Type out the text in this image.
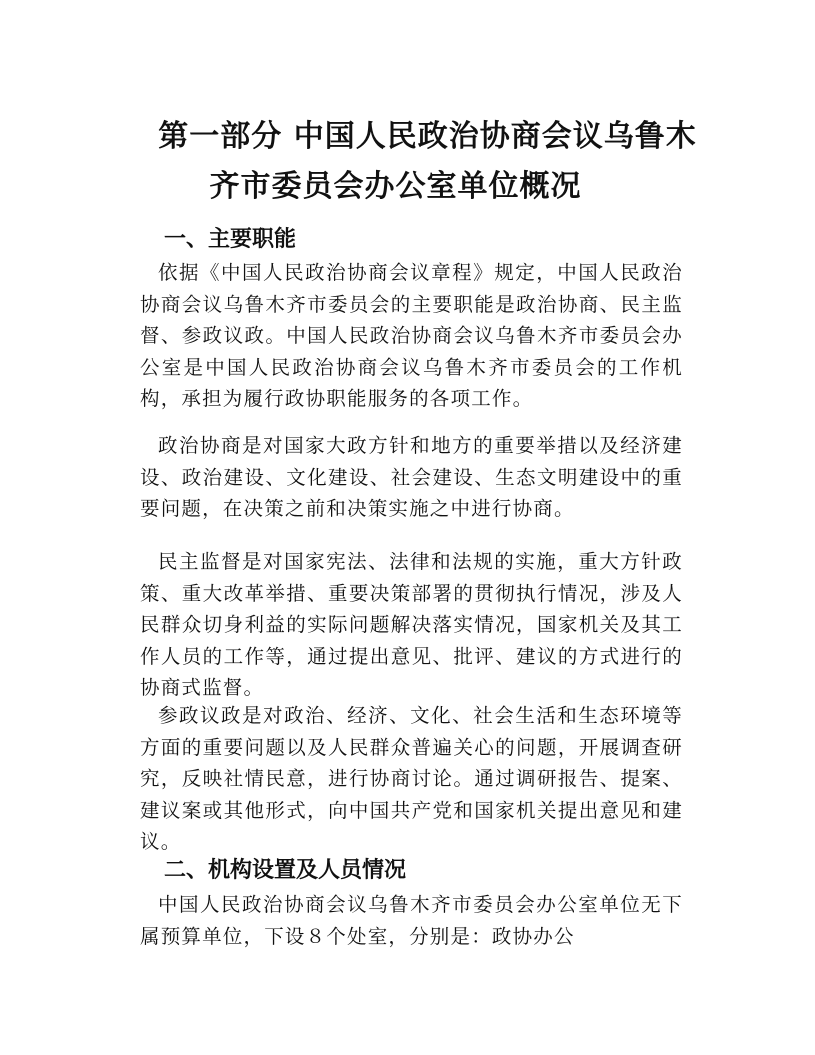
第一部分 中国人民政治协商会议乌鲁木
齐市委员会办公室单位概况
一、主要职能

依据《中国人民政治协商会议章程》规定，中国人民政治协商会议乌鲁木齐市委员会的主要职能是政治协商、民主监督、参政议政。中国人民政治协商会议乌鲁木齐市委员会办公室是中国人民政治协商会议乌鲁木齐市委员会的工作机构，承担为履行政协职能服务的各项工作。

政治协商是对国家大政方针和地方的重要举措以及经济建设、政治建设、文化建设、社会建设、生态文明建设中的重要问题，在决策之前和决策实施之中进行协商。

民主监督是对国家宪法、法律和法规的实施，重大方针政策、重大改革举措、重要决策部署的贯彻执行情况，涉及人民群众切身利益的实际问题解决落实情况，国家机关及其工作人员的工作等，通过提出意见、批评、建议的方式进行的协商式监督。

参政议政是对政治、经济、文化、社会生活和生态环境等方面的重要问题以及人民群众普遍关心的问题，开展调查研究，反映社情民意，进行协商讨论。通过调研报告、提案、建议案或其他形式，向中国共产党和国家机关提出意见和建议。

二、机构设置及人员情况

中国人民政治协商会议乌鲁木齐市委员会办公室单位无下属预算单位，下设８个处室，分别是：政协办公
